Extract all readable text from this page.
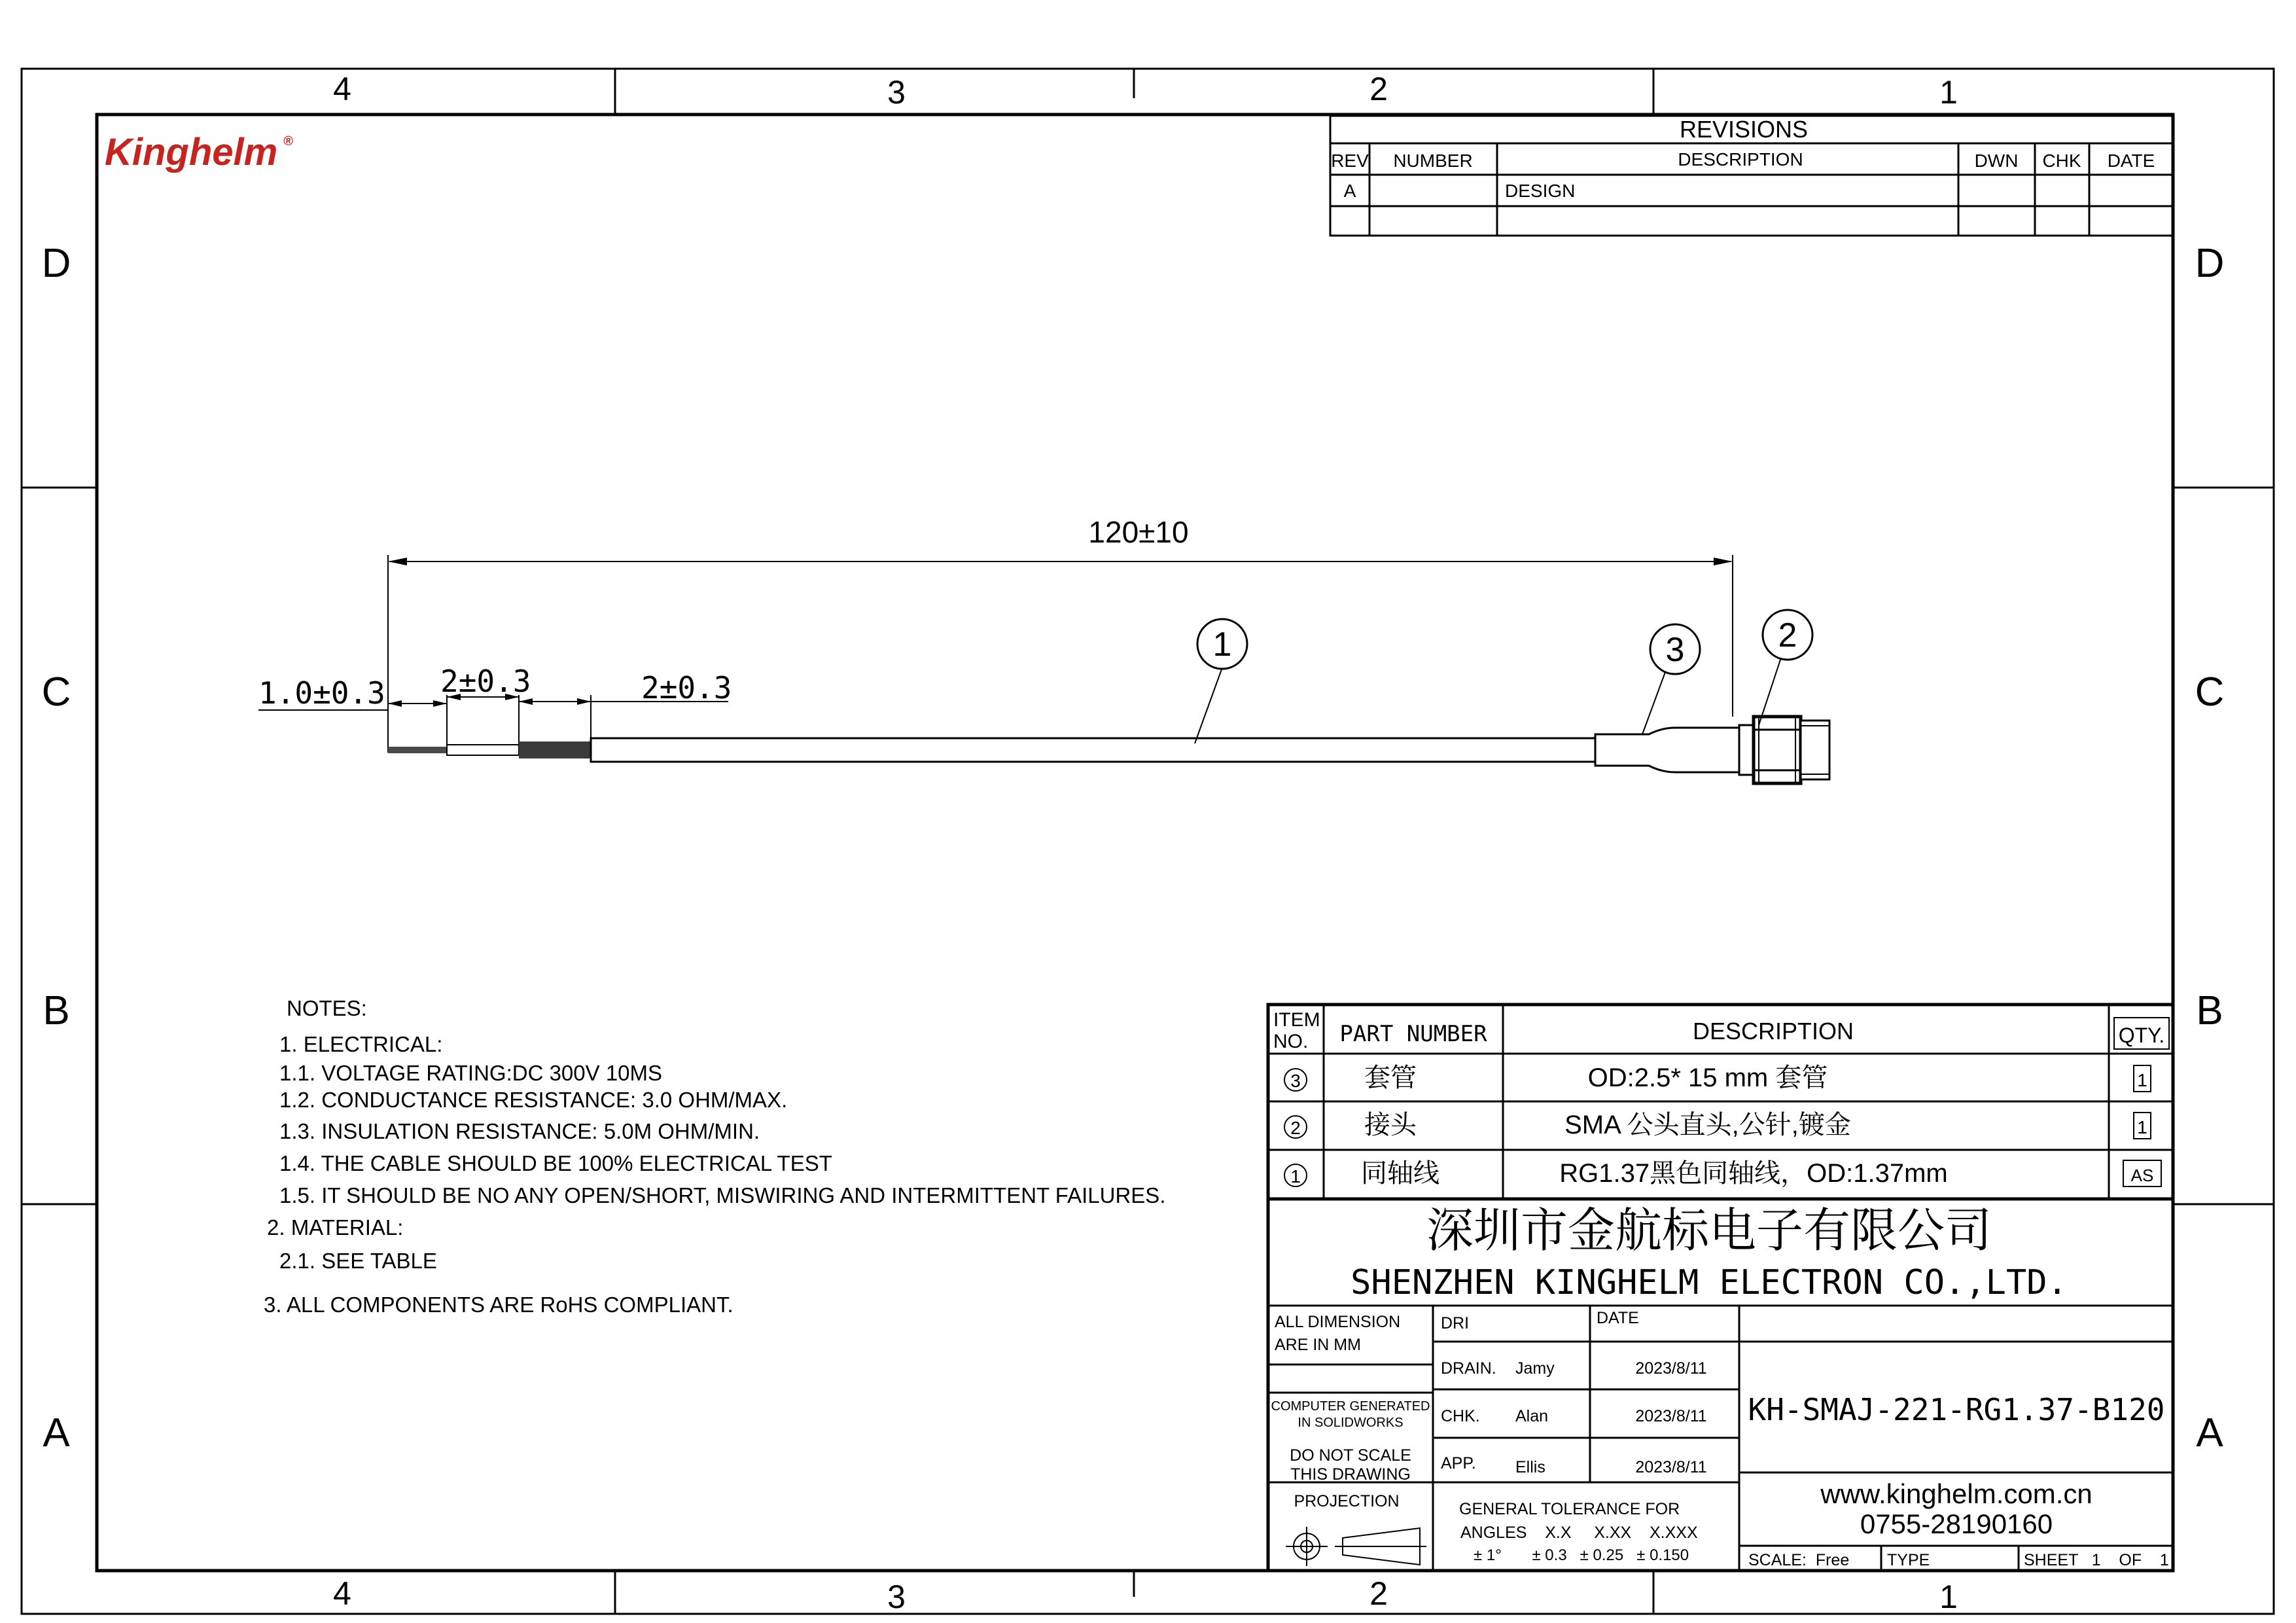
4	3	2	1
4	3	2	1
D
C
B
A
D
C
B
A
Kinghelm ®	REVISIONS
REV NUMBER	DESCRIPTION	DWN CHK DATE
A	DESIGN
120±10
1.0±0.3 2±0.3	2±0.3
1	3	2
NOTES:
1. ELECTRICAL:
1.1. VOLTAGE RATING:DC 300V 10MS
1.2. CONDUCTANCE RESISTANCE: 3.0 OHM/MAX.
1.3. INSULATION RESISTANCE: 5.0M OHM/MIN.
1.4. THE CABLE SHOULD BE 100% ELECTRICAL TEST
1.5. IT SHOULD BE NO ANY OPEN/SHORT, MISWIRING AND INTERMITTENT FAILURES.
2. MATERIAL:
2.1. SEE TABLE
3. ALL COMPONENTS ARE RoHS COMPLIANT.
ITEM
NO. PART NUMBER	DESCRIPTION	QTY.
3 套管	OD:2.5* 15 mm 套管	1
2 接头	SMA 公头直头,公针,镀金	1
1 同轴线	RG1.37黑色同轴线，OD:1.37mm	AS
深圳市金航标电子有限公司
SHENZHEN KINGHELM ELECTRON CO.,LTD.
ALL DIMENSION
ARE IN MM
COMPUTER GENERATED
IN SOLIDWORKS
DO NOT SCALE
THIS DRAWING
PROJECTION
DRI	DATE
DRAIN. Jamy	2023/8/11
CHK. Alan	2023/8/11
APP. Ellis	2023/8/11
GENERAL TOLERANCE FOR
ANGLES    X.X     X.XX    X.XXX
± 1°       ± 0.3   ± 0.25   ± 0.150
KH-SMAJ-221-RG1.37-B120
www.kinghelm.com.cn
0755-28190160
SCALE:  Free TYPE	SHEET   1    OF    1
